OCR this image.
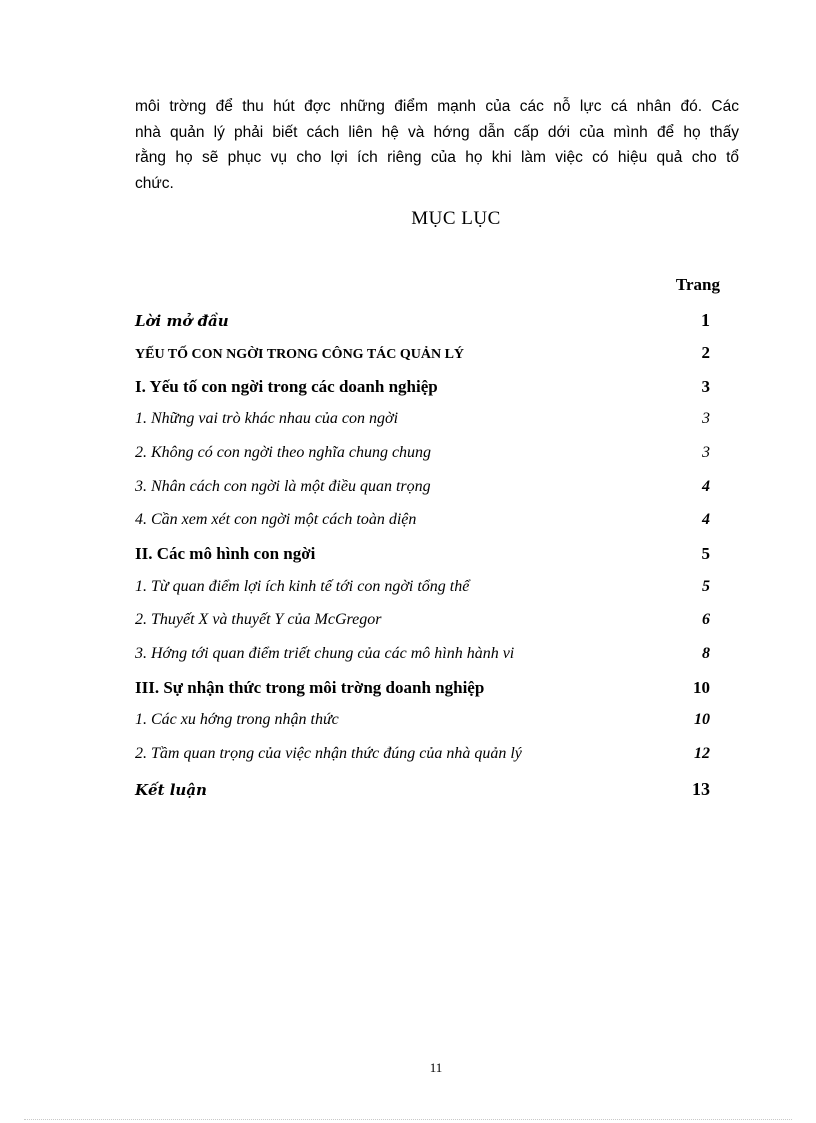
môi trờng để thu hút đợc những điểm mạnh của các nỗ lực cá nhân đó. Các
nhà quản lý phải biết cách liên hệ và hớng dẫn cấp dới của mình để họ thấy
rằng họ sẽ phục vụ cho lợi ích riêng của họ khi làm việc có hiệu quả cho tổ
chức.

MỤC LỤC
Trang
Lời mở đầu	1
YẾU TỐ CON NGỜI TRONG CÔNG TÁC QUẢN LÝ	2
I. Yếu tố con ngời trong các doanh nghiệp	3
1. Những vai trò khác nhau của con ngời	3
2. Không có con ngời theo nghĩa chung chung	3
3. Nhân cách con ngời là một điều quan trọng	4
4. Cần xem xét con ngời một cách toàn diện	4
II. Các mô hình con ngời	5
1. Từ quan điểm lợi ích kinh tế tới con ngời tổng thể	5
2. Thuyết X và thuyết Y của McGregor	6
3. Hớng tới quan điểm triết chung của các mô hình hành vi	8
III. Sự nhận thức trong môi trờng doanh nghiệp	10
1. Các xu hớng trong nhận thức	10
2. Tầm quan trọng của việc nhận thức đúng của nhà quản lý	12
Kết luận	13
11
